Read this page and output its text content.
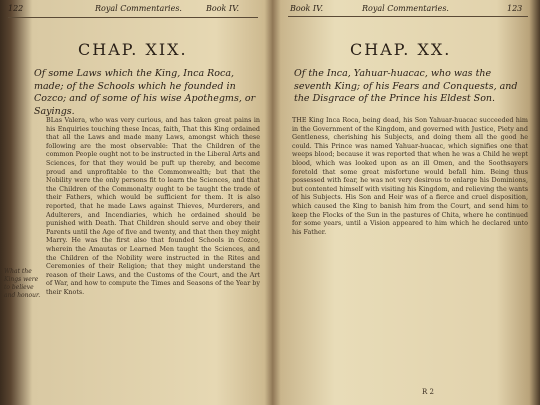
122	Royal Commentaries.	Book IV.
CHAP. XIX.
Of some Laws which the King, Inca Roca, made; of the Schools which he founded in Cozco; and of some of his wise Apothegms, or Sayings.
BLas Valera, who was very curious, and has taken great pains in his Enquiries touching these Incas, faith, That this King ordained that all the Laws and made many Laws, amongst which these following are the most observable: That the Children of the common People ought not to be instructed in the Liberal Arts and Sciences, for that they would be puft up thereby, and become proud and unprofitable to the Commonwealth; but that the Nobility were the only persons fit to learn the Sciences, and that the Children of the Commonalty ought to be taught the trade of their Fathers, which would be sufficient for them. It is also reported, that he made Laws against Thieves, Murderers, and Adulterers, and Incendiaries, which he ordained should be punished with Death. That Children should serve and obey their Parents until the Age of five and twenty, and that then they might Marry. He was the first also that founded Schools in Cozco, wherein the Amautas or Learned Men taught the Sciences, and the Children of the Nobility were instructed in the Rites and Ceremonies of their Religion; that they might understand the reason of their Laws, and the Customs of the Court, and the Art of War, and how to compute the Times and Seasons of the Year by their Knots.
What the Kings were to believe and honour.
Book IV.	Royal Commentaries.	123
CHAP. XX.
Of the Inca, Yahuar-huacac, who was the seventh King; of his Fears and Conquests, and the Disgrace of the Prince his Eldest Son.
THE King Inca Roca, being dead, his Son Yahuar-huacac succeeded him in the Government of the Kingdom, and governed with Justice, Piety and Gentleness, cherishing his Subjects, and doing them all the good he could. This Prince was named Yahuar-huacac, which signifies one that weeps blood; because it was reported that when he was a Child he wept blood, which was looked upon as an ill Omen, and the Soothsayers foretold that some great misfortune would befall him. Being thus possessed with fear, he was not very desirous to enlarge his Dominions, but contented himself with visiting his Kingdom, and relieving the wants of his Subjects. His Son and Heir was of a fierce and cruel disposition, which caused the King to banish him from the Court, and send him to keep the Flocks of the Sun in the pastures of Chita, where he continued for some years, until a Vision appeared to him which he declared unto his Father.
R 2
